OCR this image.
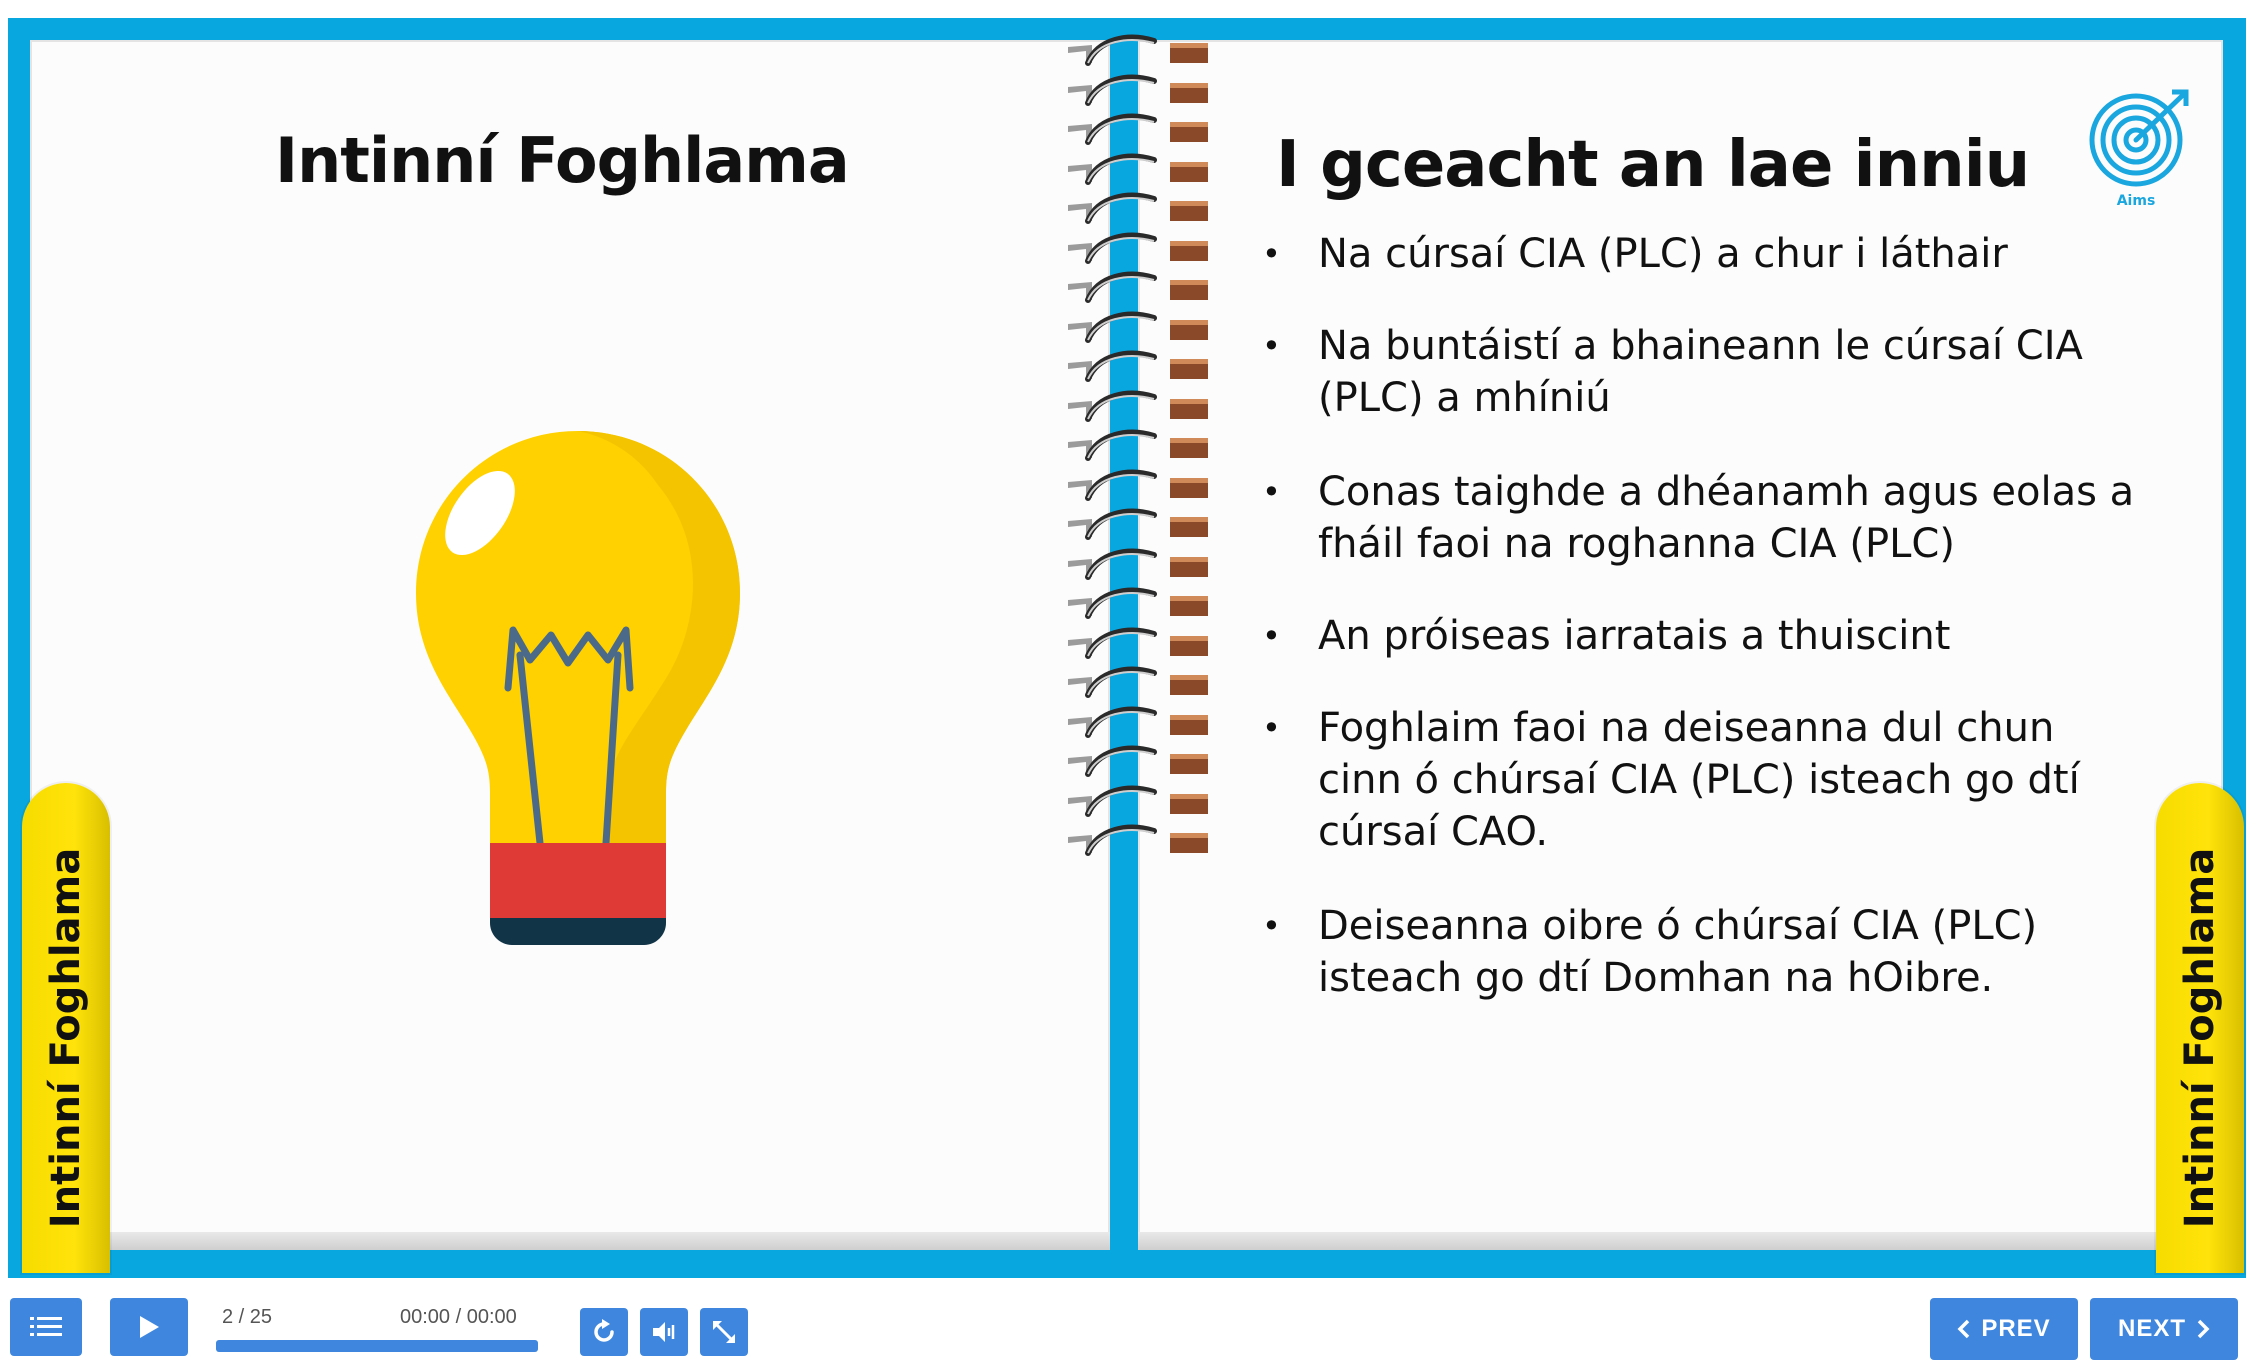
Intinní Foghlama	I gceacht an lae inniu	Aims
• Na cúrsaí CIA (PLC) a chur i láthair
• Na buntáistí a bhaineann le cúrsaí CIA (PLC) a mhíniú
• Conas taighde a dhéanamh agus eolas a fháil faoi na roghanna CIA (PLC)
• An próiseas iarratais a thuiscint
• Foghlaim faoi na deiseanna dul chun cinn ó chúrsaí CIA (PLC) isteach go dtí cúrsaí CAO.
• Deiseanna oibre ó chúrsaí CIA (PLC) isteach go dtí Domhan na hOibre.
Intinní Foghlama	Intinní Foghlama
2 / 25	00:00 / 00:00	PREV	NEXT
